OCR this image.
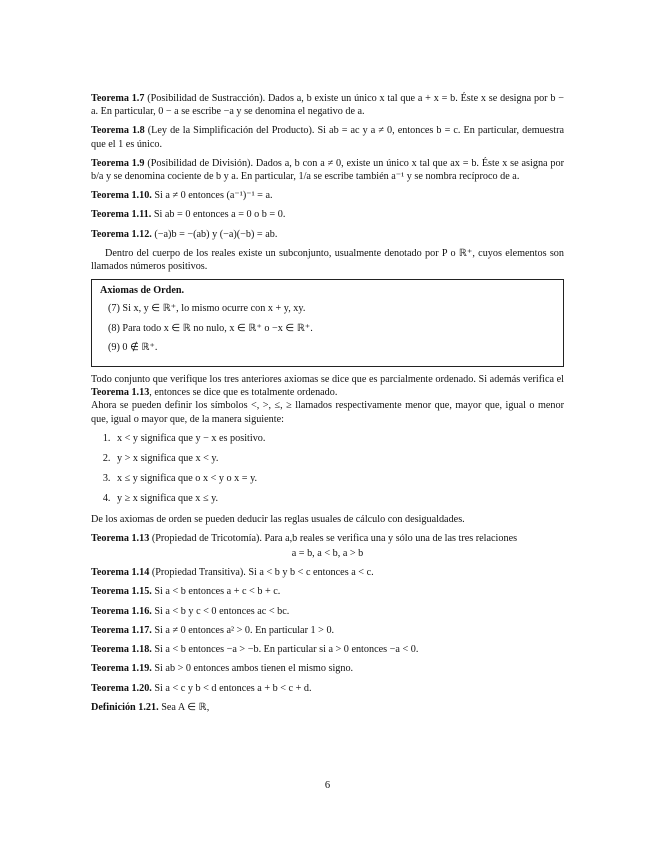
Teorema 1.7 (Posibilidad de Sustracción). Dados a, b existe un único x tal que a + x = b. Éste x se designa por b − a. En particular, 0 − a se escribe −a y se denomina el negativo de a.

Teorema 1.8 (Ley de la Simplificación del Producto). Si ab = ac y a ≠ 0, entonces b = c. En particular, demuestra que el 1 es único.

Teorema 1.9 (Posibilidad de División). Dados a, b con a ≠ 0, existe un único x tal que ax = b. Éste x se asigna por b/a y se denomina cociente de b y a. En particular, 1/a se escribe también a⁻¹ y se nombra recíproco de a.

Teorema 1.10. Si a ≠ 0 entonces (a⁻¹)⁻¹ = a.

Teorema 1.11. Si ab = 0 entonces a = 0 o b = 0.

Teorema 1.12. (−a)b = −(ab) y (−a)(−b) = ab.

Dentro del cuerpo de los reales existe un subconjunto, usualmente denotado por P o ℝ⁺, cuyos elementos son llamados números positivos.

Axiomas de Orden.

(7) Si x, y ∈ ℝ⁺, lo mismo ocurre con x + y, xy.

(8) Para todo x ∈ ℝ no nulo, x ∈ ℝ⁺ o −x ∈ ℝ⁺.

(9) 0 ∉ ℝ⁺.

Todo conjunto que verifique los tres anteriores axiomas se dice que es parcialmente ordenado. Si además verifica el Teorema 1.13, entonces se dice que es totalmente ordenado.

Ahora se pueden definir los símbolos <, >, ≤, ≥ llamados respectivamente menor que, mayor que, igual o menor que, igual o mayor que, de la manera siguiente:

1. x < y significa que y − x es positivo.
2. y > x significa que x < y.
3. x ≤ y significa que o x < y o x = y.
4. y ≥ x significa que x ≤ y.

De los axiomas de orden se pueden deducir las reglas usuales de cálculo con desigualdades.

Teorema 1.13 (Propiedad de Tricotomía). Para a,b reales se verifica una y sólo una de las tres relaciones

a = b, a < b, a > b

Teorema 1.14 (Propiedad Transitiva). Si a < b y b < c entonces a < c.

Teorema 1.15. Si a < b entonces a + c < b + c.

Teorema 1.16. Si a < b y c < 0 entonces ac < bc.

Teorema 1.17. Si a ≠ 0 entonces a² > 0. En particular 1 > 0.

Teorema 1.18. Si a < b entonces −a > −b. En particular si a > 0 entonces −a < 0.

Teorema 1.19. Si ab > 0 entonces ambos tienen el mismo signo.

Teorema 1.20. Si a < c y b < d entonces a + b < c + d.

Definición 1.21. Sea A ∈ ℝ,

6
